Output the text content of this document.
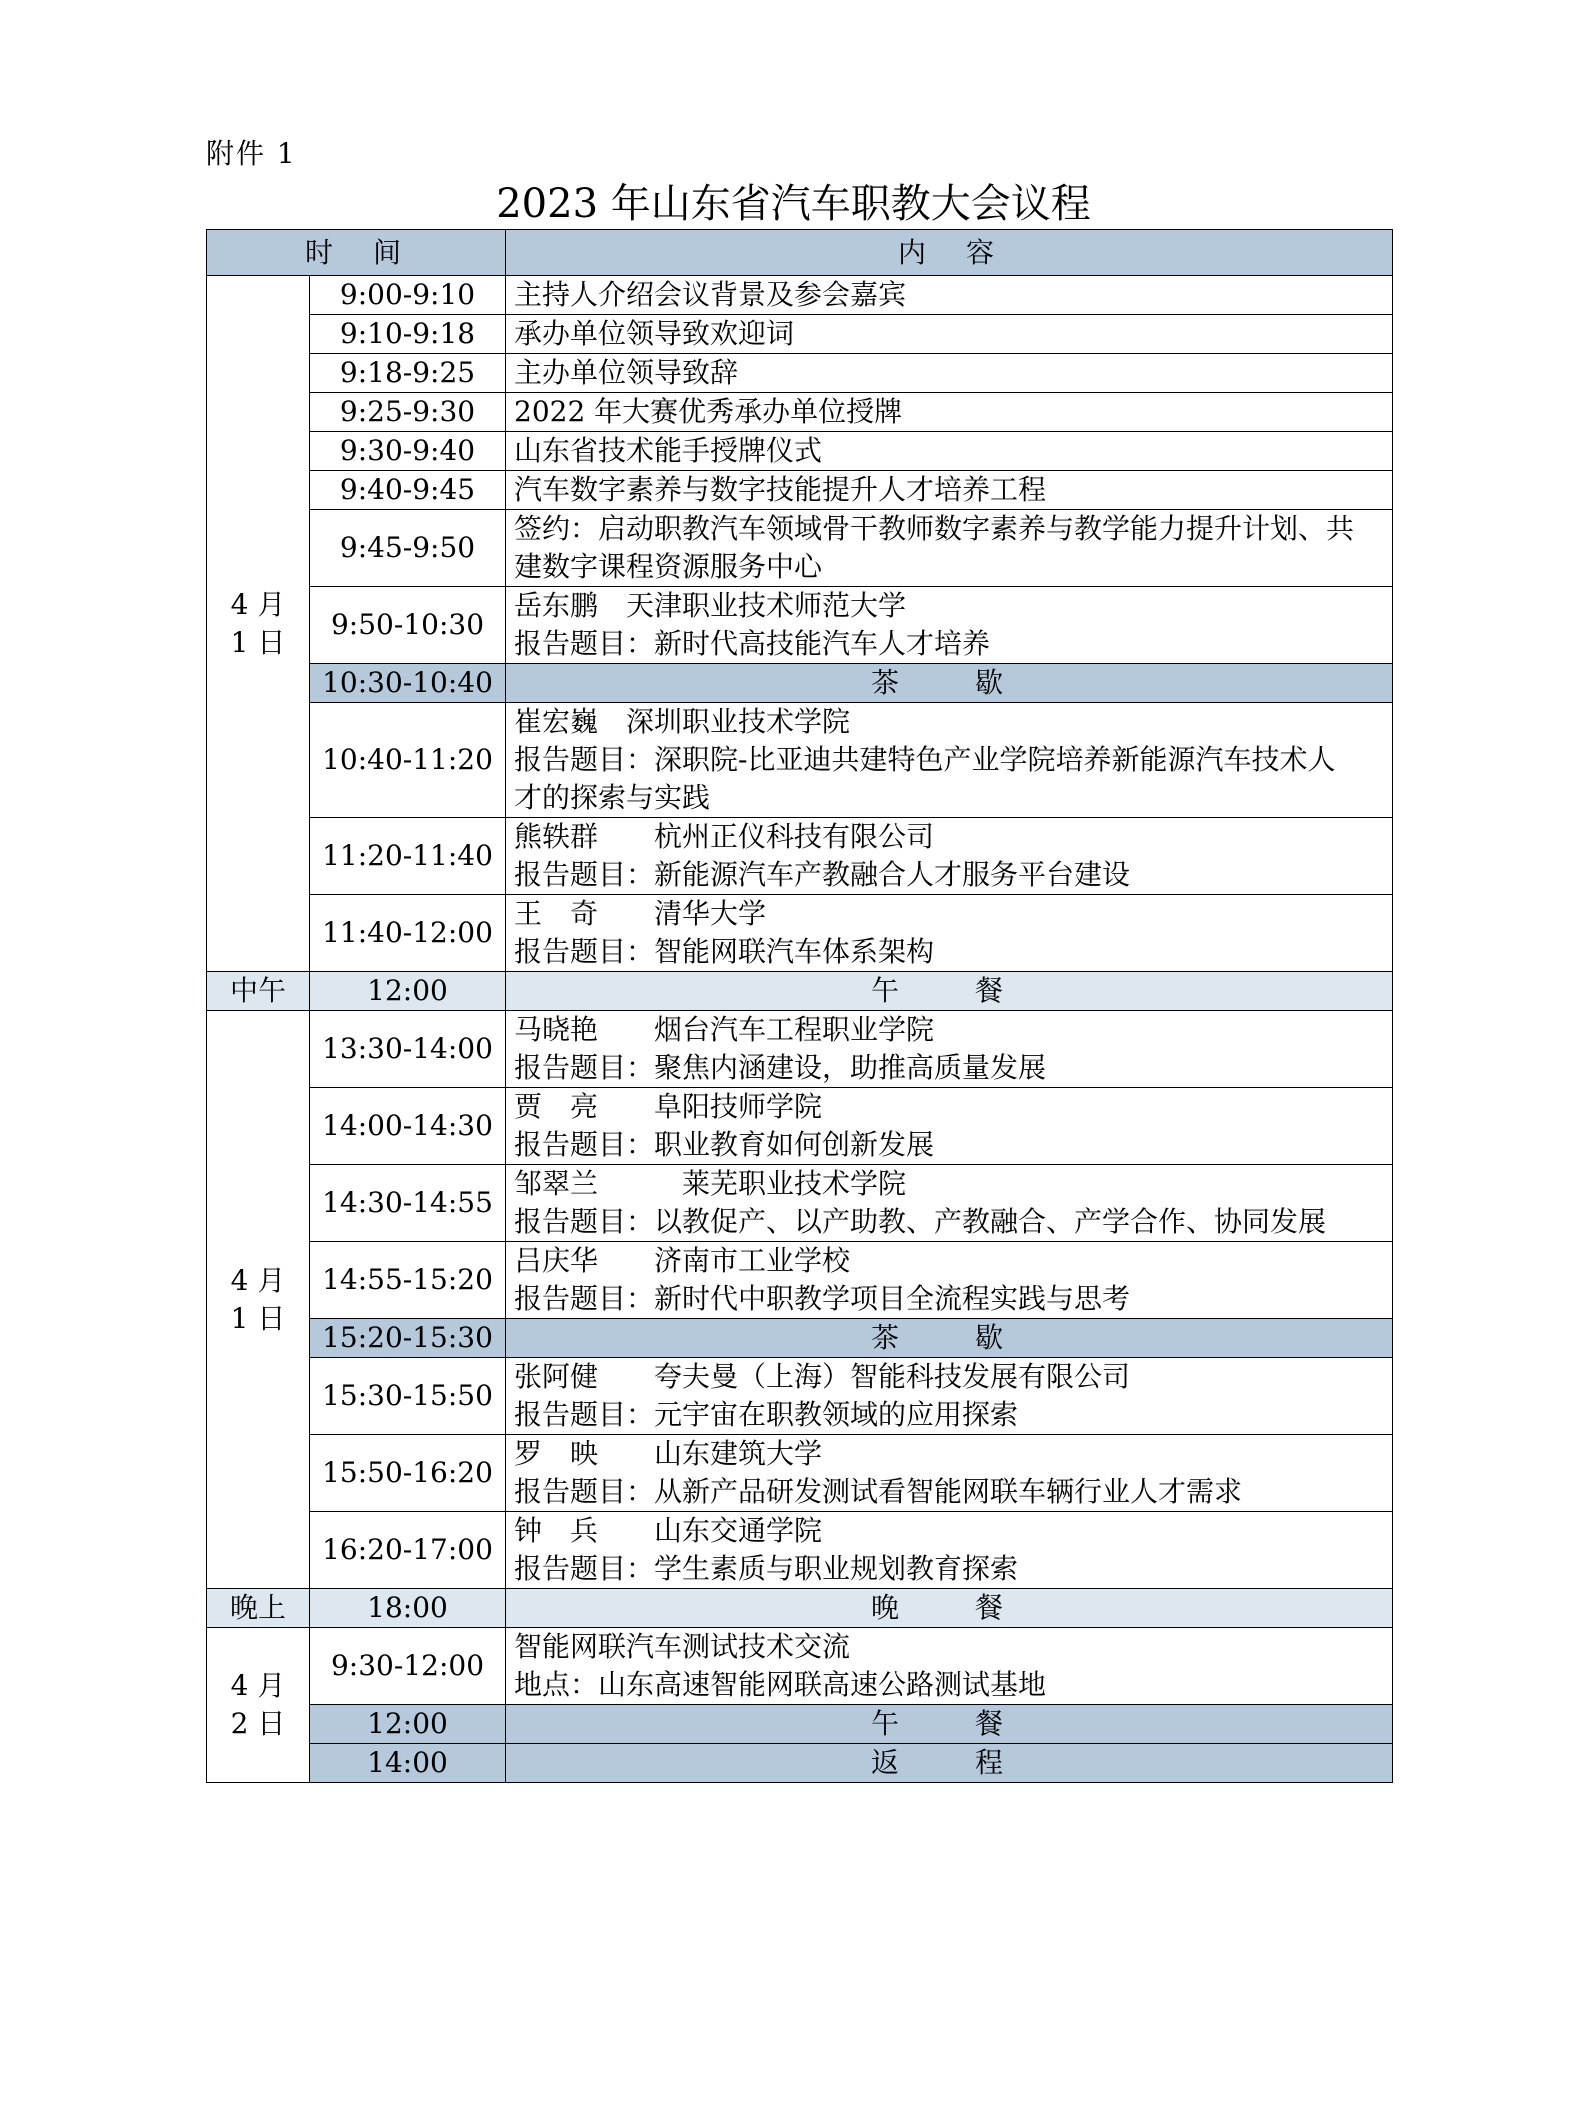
附件 1
2023 年山东省汽车职教大会议程
时　间		内　容

4 月
1 日	9:00-9:10	主持人介绍会议背景及参会嘉宾

	9:10-9:18	承办单位领导致欢迎词

	9:18-9:25	主办单位领导致辞

	9:25-9:30	2022 年大赛优秀承办单位授牌

	9:30-9:40	山东省技术能手授牌仪式

	9:40-9:45	汽车数字素养与数字技能提升人才培养工程

	9:45-9:50	签约：启动职教汽车领域骨干教师数字素养与教学能力提升计划、共
建数字课程资源服务中心

	9:50-10:30	岳东鹏　天津职业技术师范大学
报告题目：新时代高技能汽车人才培养

	10:30-10:40	茶　歇

	10:40-11:20	崔宏巍　深圳职业技术学院
报告题目：深职院-比亚迪共建特色产业学院培养新能源汽车技术人
才的探索与实践

	11:20-11:40	熊轶群　　杭州正仪科技有限公司
报告题目：新能源汽车产教融合人才服务平台建设

	11:40-12:00	王　奇　　清华大学
报告题目：智能网联汽车体系架构

中午	12:00	午　餐

4 月
1 日	13:30-14:00	马晓艳　　烟台汽车工程职业学院
报告题目：聚焦内涵建设，助推高质量发展

	14:00-14:30	贾　亮　　阜阳技师学院
报告题目：职业教育如何创新发展

	14:30-14:55	邹翠兰　　　莱芜职业技术学院
报告题目：以教促产、以产助教、产教融合、产学合作、协同发展

	14:55-15:20	吕庆华　　济南市工业学校
报告题目：新时代中职教学项目全流程实践与思考

	15:20-15:30	茶　歇

	15:30-15:50	张阿健　　夸夫曼（上海）智能科技发展有限公司
报告题目：元宇宙在职教领域的应用探索

	15:50-16:20	罗　映　　山东建筑大学
报告题目：从新产品研发测试看智能网联车辆行业人才需求

	16:20-17:00	钟　兵　　山东交通学院
报告题目：学生素质与职业规划教育探索

晚上	18:00	晚　餐

4 月
2 日	9:30-12:00	智能网联汽车测试技术交流
地点：山东高速智能网联高速公路测试基地

	12:00	午　餐

	14:00	返　程
